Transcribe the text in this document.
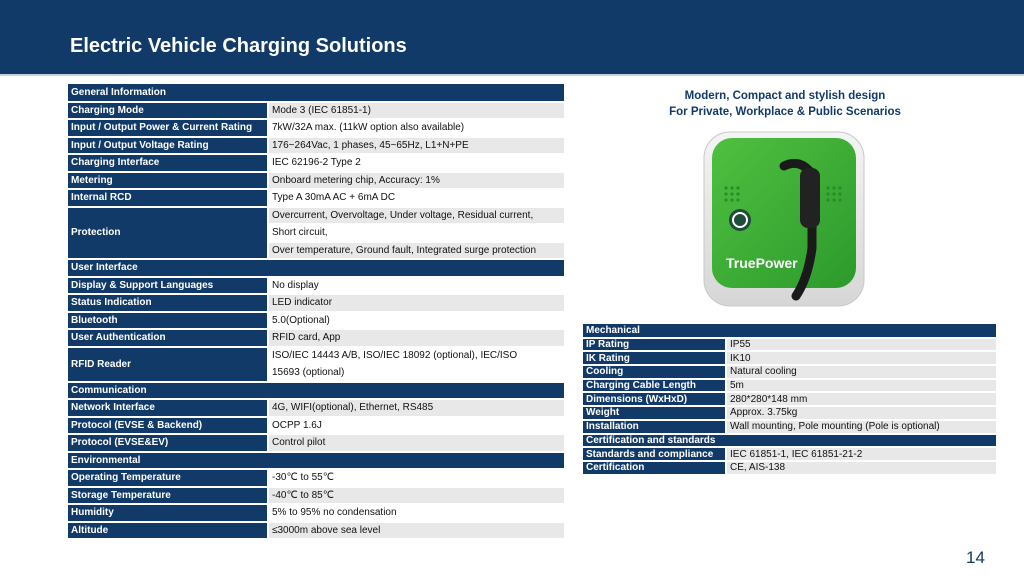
Electric Vehicle Charging Solutions
General Information	
Charging Mode	Mode 3 (IEC 61851-1)
Input / Output Power & Current Rating	7kW/32A max. (11kW option also available)
Input / Output Voltage Rating	176~264Vac, 1 phases, 45~65Hz, L1+N+PE
Charging Interface	IEC 62196-2 Type 2
Metering	Onboard metering chip, Accuracy: 1%
Internal RCD	Type A 30mA AC + 6mA DC
Protection	Overcurrent, Overvoltage, Under voltage, Residual current,
	Short circuit,
	Over temperature, Ground fault, Integrated surge protection
User Interface	
Display & Support Languages	No display
Status Indication	LED indicator
Bluetooth	5.0(Optional)
User Authentication	RFID card, App
RFID Reader	ISO/IEC 14443 A/B, ISO/IEC 18092 (optional), IEC/ISO
	15693 (optional)
Communication	
Network Interface	4G, WIFI(optional), Ethernet, RS485
Protocol (EVSE & Backend)	OCPP 1.6J
Protocol (EVSE&EV)	Control pilot
Environmental	
Operating Temperature	-30℃ to 55℃
Storage Temperature	-40℃ to 85℃
Humidity	5% to 95% no condensation
Altitude	≤3000m above sea level
Modern, Compact and stylish design
For Private, Workplace & Public Scenarios
TruePower
Mechanical	
IP Rating	IP55
IK Rating	IK10
Cooling	Natural cooling
Charging Cable Length	5m
Dimensions (WxHxD)	280*280*148 mm
Weight	Approx. 3.75kg
Installation	Wall mounting, Pole mounting (Pole is optional)
Certification and standards	
Standards and compliance	IEC 61851-1, IEC 61851-21-2
Certification	CE, AIS-138
14
